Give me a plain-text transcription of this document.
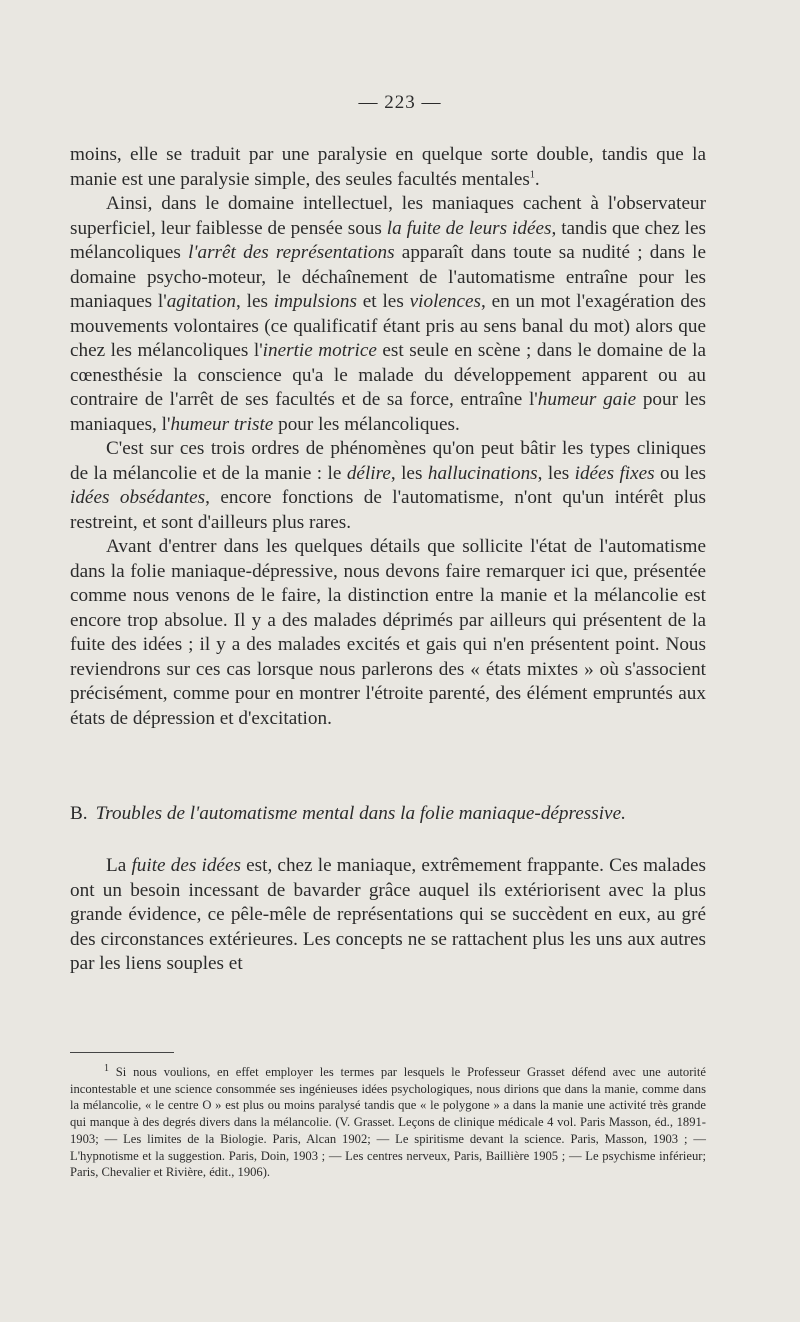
— 223 —

moins, elle se traduit par une paralysie en quelque sorte double, tandis que la manie est une paralysie simple, des seules facultés mentales$^1$.

Ainsi, dans le domaine intellectuel, les maniaques cachent à l'observateur superficiel, leur faiblesse de pensée sous la fuite de leurs idées, tandis que chez les mélancoliques l'arrêt des représentations apparaît dans toute sa nudité ; dans le domaine psycho-moteur, le déchaînement de l'automatisme entraîne pour les maniaques l'agitation, les impulsions et les violences, en un mot l'exagération des mouvements volontaires (ce qualificatif étant pris au sens banal du mot) alors que chez les mélancoliques l'inertie motrice est seule en scène ; dans le domaine de la cœnesthésie la conscience qu'a le malade du développement apparent ou au contraire de l'arrêt de ses facultés et de sa force, entraîne l'humeur gaie pour les maniaques, l'humeur triste pour les mélancoliques.

C'est sur ces trois ordres de phénomènes qu'on peut bâtir les types cliniques de la mélancolie et de la manie : le délire, les hallucinations, les idées fixes ou les idées obsédantes, encore fonctions de l'automatisme, n'ont qu'un intérêt plus restreint, et sont d'ailleurs plus rares.

Avant d'entrer dans les quelques détails que sollicite l'état de l'automatisme dans la folie maniaque-dépressive, nous devons faire remarquer ici que, présentée comme nous venons de le faire, la distinction entre la manie et la mélancolie est encore trop absolue. Il y a des malades déprimés par ailleurs qui présentent de la fuite des idées ; il y a des malades excités et gais qui n'en présentent point. Nous reviendrons sur ces cas lorsque nous parlerons des « états mixtes » où s'associent précisément, comme pour en montrer l'étroite parenté, des élément empruntés aux états de dépression et d'excitation.

B. Troubles de l'automatisme mental dans la folie maniaque-dépressive.

La fuite des idées est, chez le maniaque, extrêmement frappante. Ces malades ont un besoin incessant de bavarder grâce auquel ils extériorisent avec la plus grande évidence, ce pêle-mêle de représentations qui se succèdent en eux, au gré des circonstances extérieures. Les concepts ne se rattachent plus les uns aux autres par les liens souples et

$^1$ Si nous voulions, en effet employer les termes par lesquels le Professeur Grasset défend avec une autorité incontestable et une science consommée ses ingénieuses idées psychologiques, nous dirions que dans la manie, comme dans la mélancolie, « le centre O » est plus ou moins paralysé tandis que « le polygone » a dans la manie une activité très grande qui manque à des degrés divers dans la mélancolie. (V. Grasset. Leçons de clinique médicale 4 vol. Paris Masson, éd., 1891-1903; — Les limites de la Biologie. Paris, Alcan 1902; — Le spiritisme devant la science. Paris, Masson, 1903 ; — L'hypnotisme et la suggestion. Paris, Doin, 1903 ; — Les centres nerveux, Paris, Baillière 1905 ; — Le psychisme inférieur; Paris, Chevalier et Rivière, édit., 1906).
